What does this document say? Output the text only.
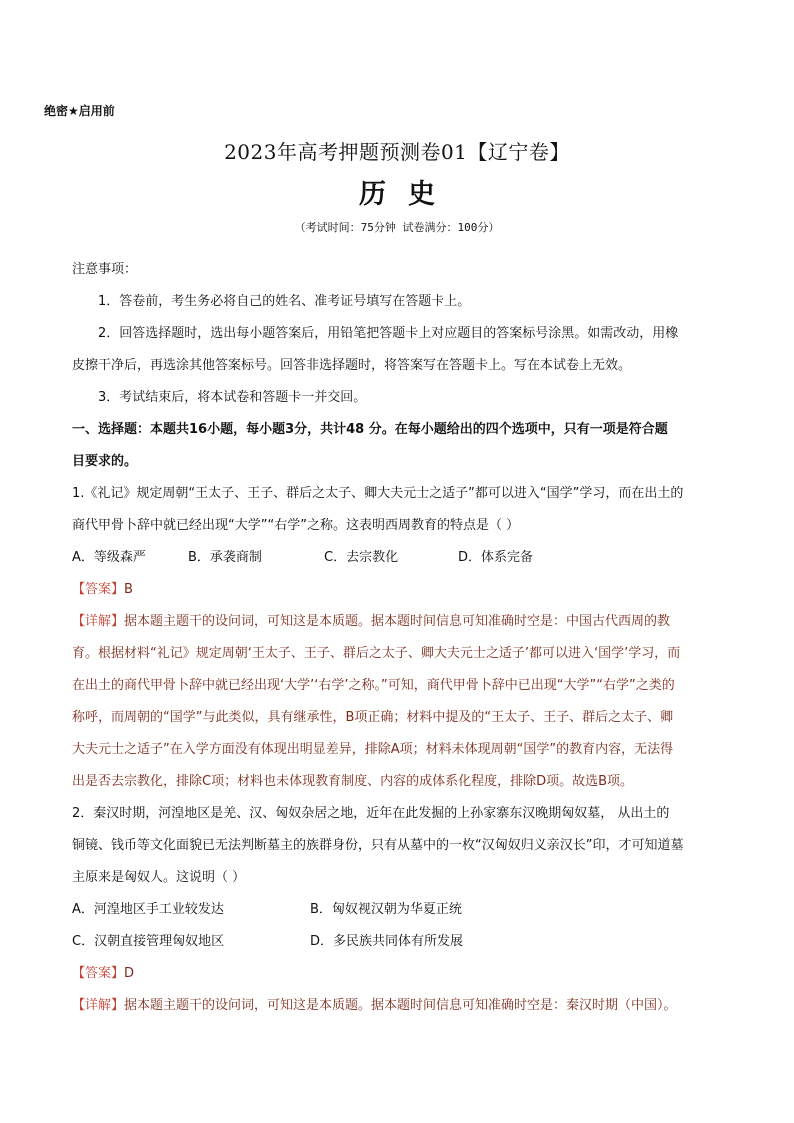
绝密★启用前
2023年高考押题预测卷01【辽宁卷】
历史
（考试时间：75分钟 试卷满分：100分）
注意事项：
1．答卷前，考生务必将自己的姓名、准考证号填写在答题卡上。
2．回答选择题时，选出每小题答案后，用铅笔把答题卡上对应题目的答案标号涂黑。如需改动，用橡
皮擦干净后，再选涂其他答案标号。回答非选择题时，将答案写在答题卡上。写在本试卷上无效。
3．考试结束后，将本试卷和答题卡一并交回。
一、选择题：本题共16小题，每小题3分，共计48 分。在每小题给出的四个选项中，只有一项是符合题
目要求的。
1.《礼记》规定周朝“王太子、王子、群后之太子、卿大夫元士之适子”都可以进入“国学”学习，而在出土的
商代甲骨卜辞中就已经出现“大学”“右学”之称。这表明西周教育的特点是（ ）
A．等级森严	B．承袭商制	C．去宗教化	D．体系完备
【答案】B
【详解】据本题主题干的设问词，可知这是本质题。据本题时间信息可知准确时空是：中国古代西周的教
育。根据材料“礼记》规定周朝‘王太子、王子、群后之太子、卿大夫元士之适子’都可以进入‘国学’学习，而
在出土的商代甲骨卜辞中就已经出现‘大学’‘右学’之称。”可知，商代甲骨卜辞中已出现“大学”“右学”之类的
称呼，而周朝的“国学”与此类似，具有继承性，B项正确；材料中提及的“王太子、王子、群后之太子、卿
大夫元士之适子”在入学方面没有体现出明显差异，排除A项；材料未体现周朝“国学”的教育内容，无法得
出是否去宗教化，排除C项；材料也未体现教育制度、内容的成体系化程度，排除D项。故选B项。
2．秦汉时期，河湟地区是羌、汉、匈奴杂居之地，近年在此发掘的上孙家寨东汉晚期匈奴墓， 从出土的
铜镜、钱币等文化面貌已无法判断墓主的族群身份，只有从墓中的一枚“汉匈奴归义亲汉长”印，才可知道墓
主原来是匈奴人。这说明（ ）
A．河湟地区手工业较发达	B．匈奴视汉朝为华夏正统
C．汉朝直接管理匈奴地区	D．多民族共同体有所发展
【答案】D
【详解】据本题主题干的设问词，可知这是本质题。据本题时间信息可知准确时空是：秦汉时期（中国）。
